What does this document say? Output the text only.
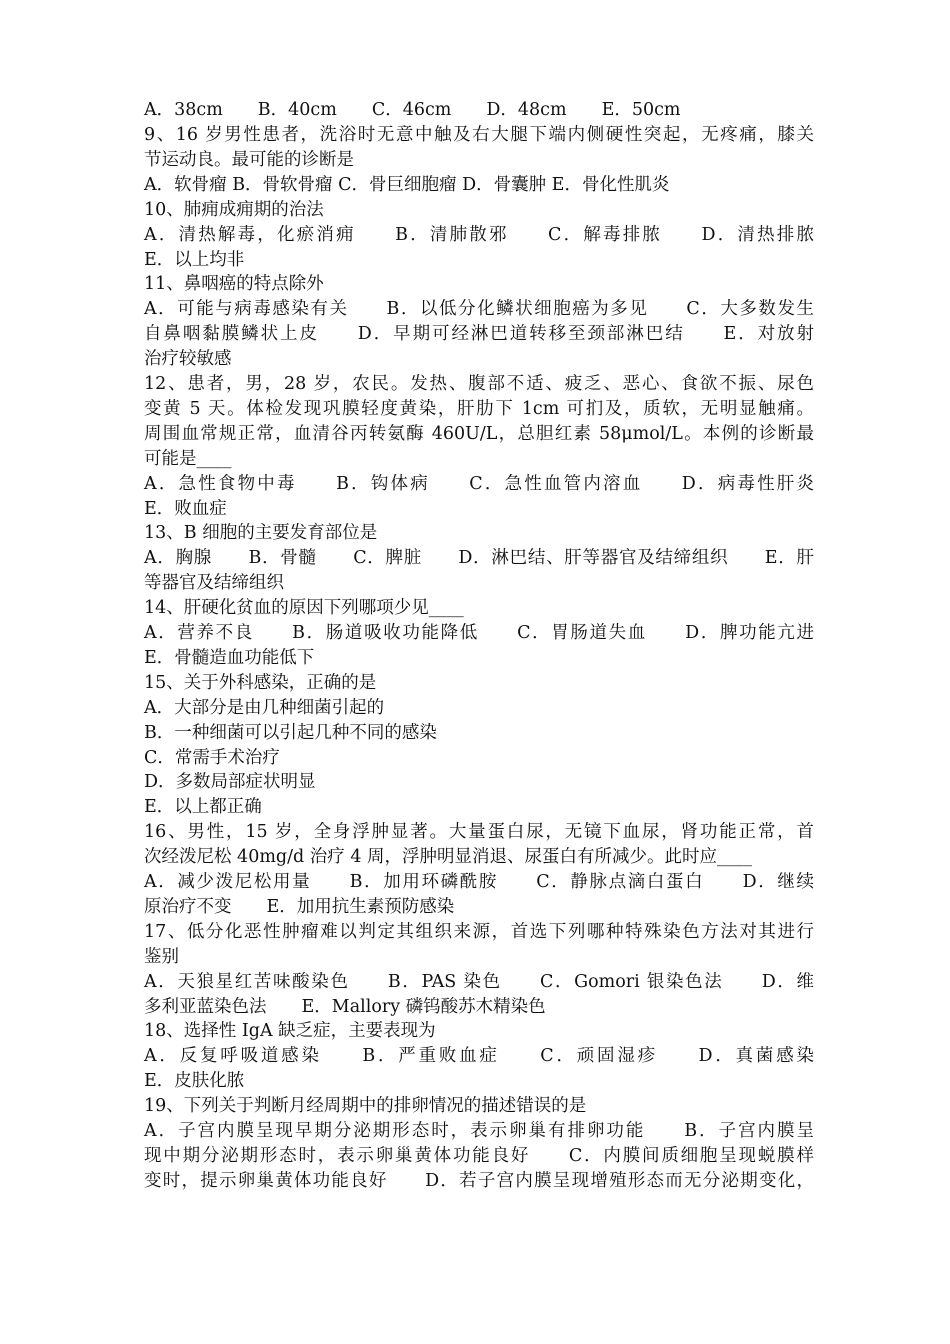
A．38cm　　B．40cm　　C．46cm　　D．48cm　　E．50cm
9、16 岁男性患者，洗浴时无意中触及右大腿下端内侧硬性突起，无疼痛，膝关
节运动良。最可能的诊断是
A．软骨瘤 B．骨软骨瘤 C．骨巨细胞瘤 D．骨囊肿 E．骨化性肌炎
10、肺痈成痈期的治法
A．清热解毒，化瘀消痈　　B．清肺散邪　　C．解毒排脓　　D．清热排脓
E．以上均非
11、鼻咽癌的特点除外
A．可能与病毒感染有关　　B．以低分化鳞状细胞癌为多见　　C．大多数发生
自鼻咽黏膜鳞状上皮　　D．早期可经淋巴道转移至颈部淋巴结　　E．对放射
治疗较敏感
12、患者，男，28 岁，农民。发热、腹部不适、疲乏、恶心、食欲不振、尿色
变黄 5 天。体检发现巩膜轻度黄染，肝肋下 1cm 可扪及，质软，无明显触痛。
周围血常规正常，血清谷丙转氨酶 460U/L，总胆红素 58μmol/L。本例的诊断最
可能是____
A．急性食物中毒　　B．钩体病　　C．急性血管内溶血　　D．病毒性肝炎
E．败血症
13、B 细胞的主要发育部位是
A．胸腺　　B．骨髓　　C．脾脏　　D．淋巴结、肝等器官及结缔组织　　E．肝
等器官及结缔组织
14、肝硬化贫血的原因下列哪项少见____
A．营养不良　　B．肠道吸收功能降低　　C．胃肠道失血　　D．脾功能亢进
E．骨髓造血功能低下
15、关于外科感染，正确的是
A．大部分是由几种细菌引起的
B．一种细菌可以引起几种不同的感染
C．常需手术治疗
D．多数局部症状明显
E．以上都正确
16、男性，15 岁，全身浮肿显著。大量蛋白尿，无镜下血尿，肾功能正常，首
次经泼尼松 40mg/d 治疗 4 周，浮肿明显消退、尿蛋白有所减少。此时应____
A．减少泼尼松用量　　B．加用环磷酰胺　　C．静脉点滴白蛋白　　D．继续
原治疗不变　　E．加用抗生素预防感染
17、低分化恶性肿瘤难以判定其组织来源，首选下列哪种特殊染色方法对其进行
鉴别
A．天狼星红苦味酸染色　　B．PAS 染色　　C．Gomori 银染色法　　D．维
多利亚蓝染色法　　E．Mallory 磷钨酸苏木精染色
18、选择性 IgA 缺乏症，主要表现为
A．反复呼吸道感染　　B．严重败血症　　C．顽固湿疹　　D．真菌感染
E．皮肤化脓
19、下列关于判断月经周期中的排卵情况的描述错误的是
A．子宫内膜呈现早期分泌期形态时，表示卵巢有排卵功能　　B．子宫内膜呈
现中期分泌期形态时，表示卵巢黄体功能良好　　C．内膜间质细胞呈现蜕膜样
变时，提示卵巢黄体功能良好　　D．若子宫内膜呈现增殖形态而无分泌期变化，
